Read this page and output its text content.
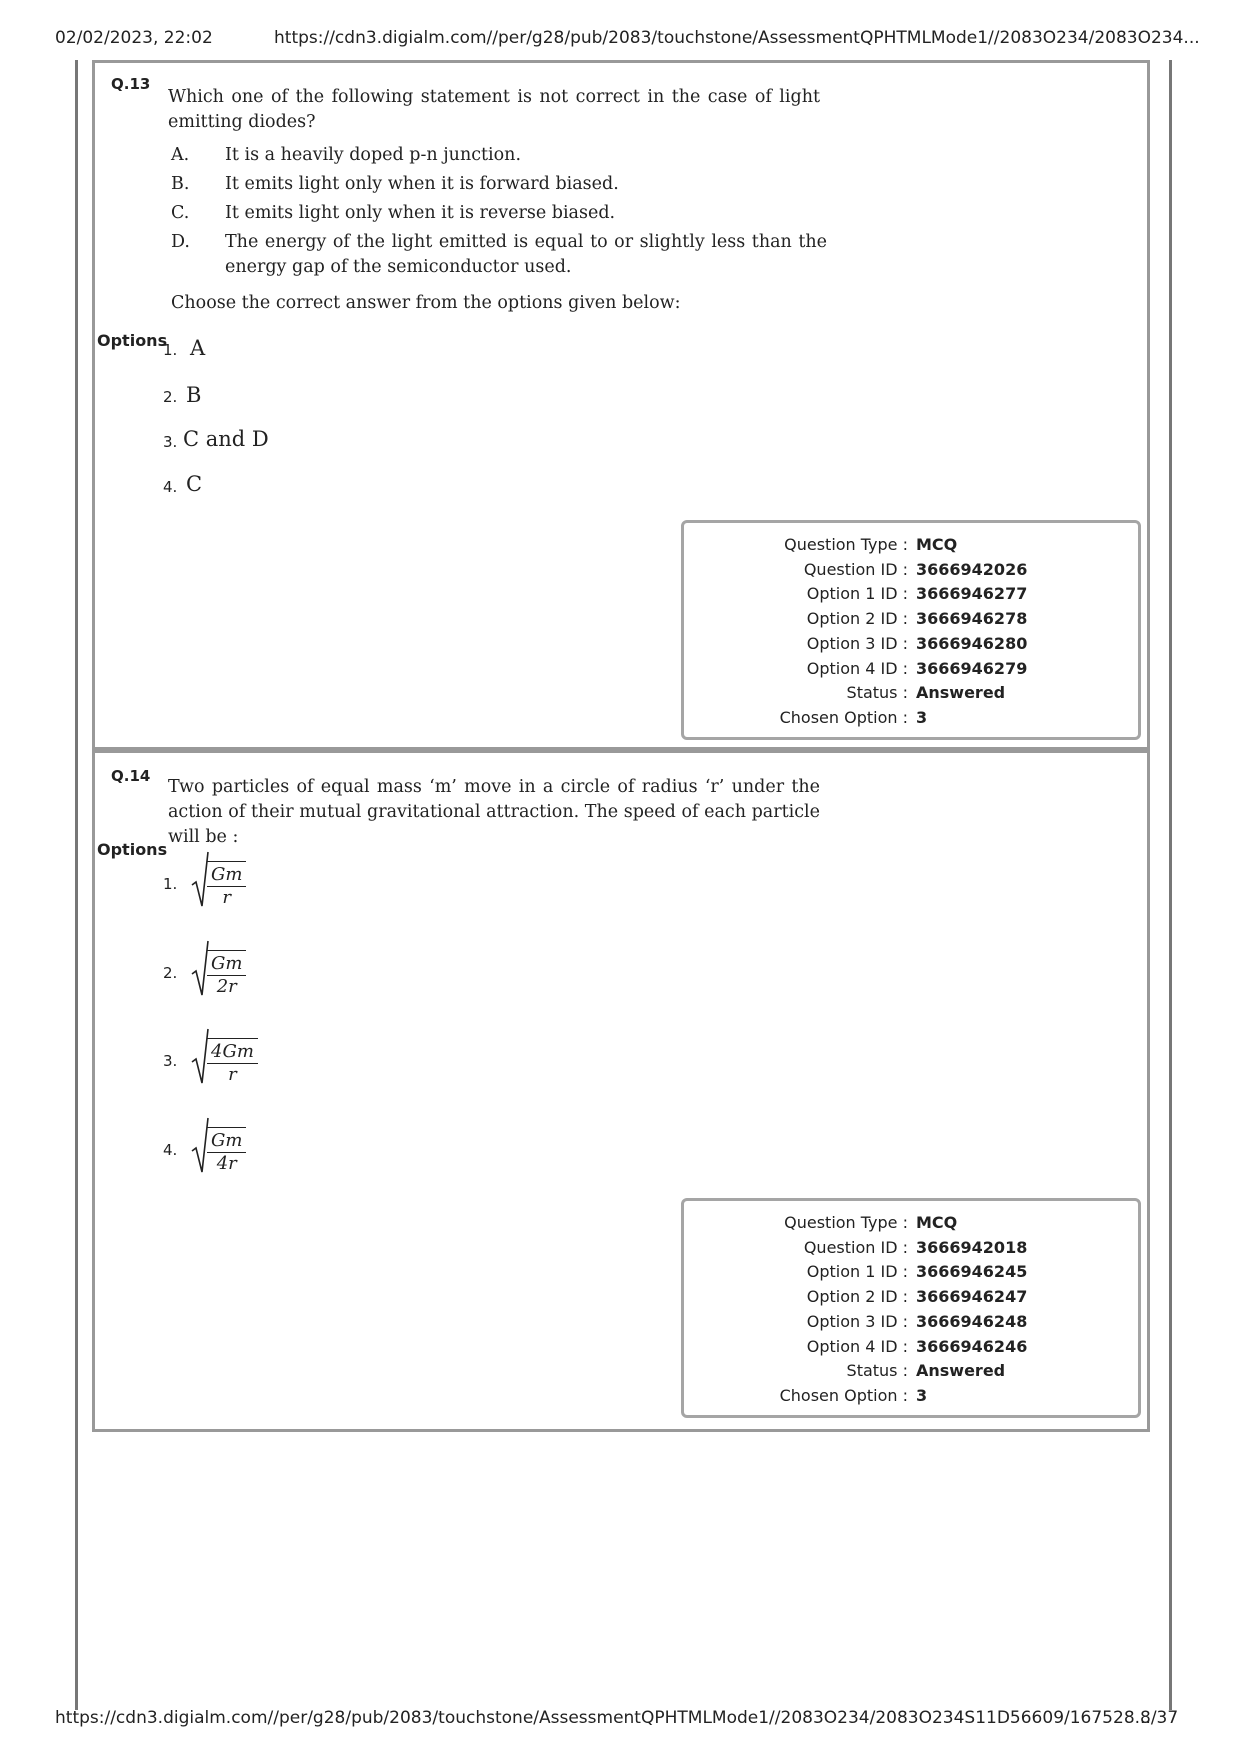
02/02/2023, 22:02	https://cdn3.digialm.com//per/g28/pub/2083/touchstone/AssessmentQPHTMLMode1//2083O234/2083O234...
Q.13
Which one of the following statement is not correct in the case of light emitting diodes?
A.	It is a heavily doped p-n junction.
B.	It emits light only when it is forward biased.
C.	It emits light only when it is reverse biased.
D.	The energy of the light emitted is equal to or slightly less than the energy gap of the semiconductor used.
Choose the correct answer from the options given below:
Options
1. A
2. B
3. C and D
4. C
Question Type : MCQ
Question ID : 3666942026
Option 1 ID : 3666946277
Option 2 ID : 3666946278
Option 3 ID : 3666946280
Option 4 ID : 3666946279
Status : Answered
Chosen Option : 3
Q.14
Two particles of equal mass ‘m’ move in a circle of radius ‘r’ under the action of their mutual gravitational attraction. The speed of each particle will be :
Options
1. $\frac{Gm}{r}$
2. $\frac{Gm}{2r}$
3. $\frac{4Gm}{r}$
4. $\frac{Gm}{4r}$
Question Type : MCQ
Question ID : 3666942018
Option 1 ID : 3666946245
Option 2 ID : 3666946247
Option 3 ID : 3666946248
Option 4 ID : 3666946246
Status : Answered
Chosen Option : 3
https://cdn3.digialm.com//per/g28/pub/2083/touchstone/AssessmentQPHTMLMode1//2083O234/2083O234S11D56609/167528...
8/37
